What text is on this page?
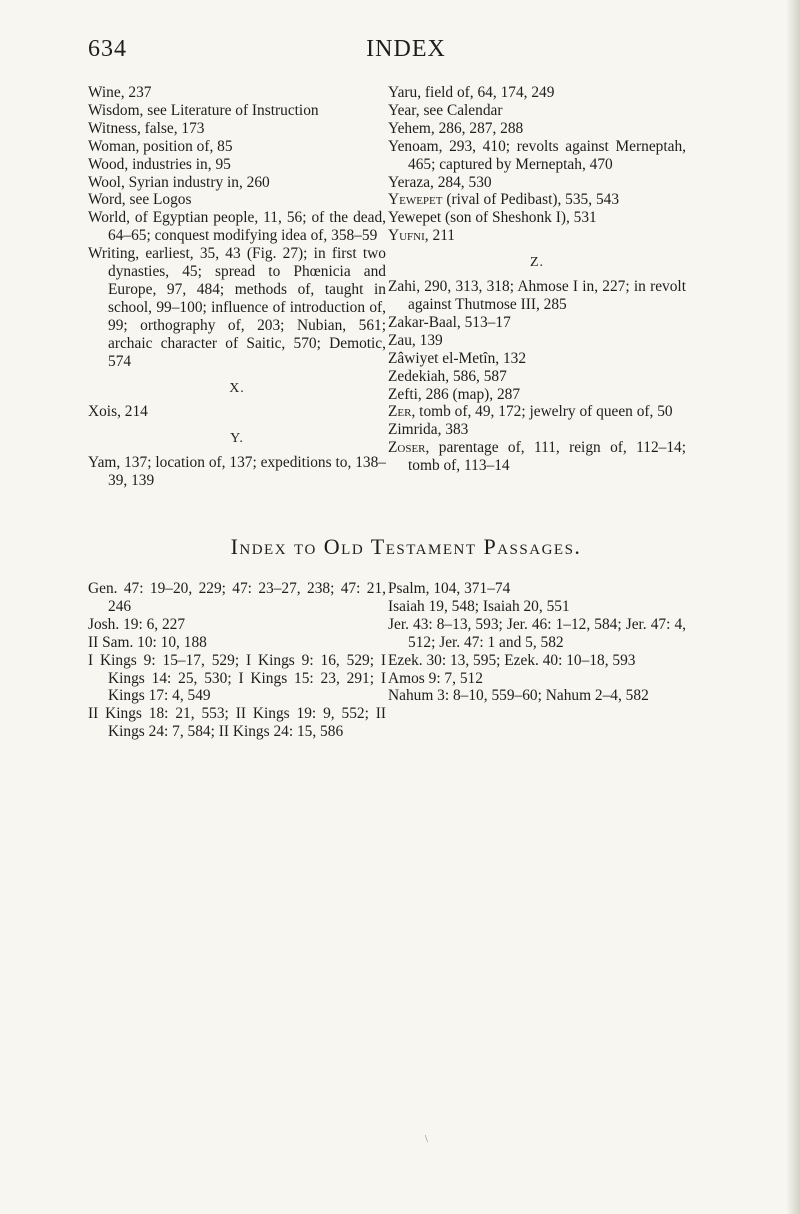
634	INDEX
Wine, 237
Wisdom, see Literature of Instruction
Witness, false, 173
Woman, position of, 85
Wood, industries in, 95
Wool, Syrian industry in, 260
Word, see Logos
World, of Egyptian people, 11, 56; of the dead, 64–65; conquest modifying idea of, 358–59
Writing, earliest, 35, 43 (Fig. 27); in first two dynasties, 45; spread to Phœnicia and Europe, 97, 484; methods of, taught in school, 99–100; influence of introduction of, 99; orthography of, 203; Nubian, 561; archaic character of Saitic, 570; Demotic, 574
X.
Xois, 214
Y.
Yam, 137; location of, 137; expeditions to, 138–39, 139
Yaru, field of, 64, 174, 249
Year, see Calendar
Yehem, 286, 287, 288
Yenoam, 293, 410; revolts against Merneptah, 465; captured by Merneptah, 470
Yeraza, 284, 530
Yewepet (rival of Pedibast), 535, 543
Yewepet (son of Sheshonk I), 531
Yufni, 211
Z.
Zahi, 290, 313, 318; Ahmose I in, 227; in revolt against Thutmose III, 285
Zakar-Baal, 513–17
Zau, 139
Zâwiyet el-Metîn, 132
Zedekiah, 586, 587
Zefti, 286 (map), 287
Zer, tomb of, 49, 172; jewelry of queen of, 50
Zimrida, 383
Zoser, parentage of, 111, reign of, 112–14; tomb of, 113–14
Index to Old Testament Passages.
Gen. 47: 19–20, 229; 47: 23–27, 238; 47: 21, 246
Josh. 19: 6, 227
II Sam. 10: 10, 188
I Kings 9: 15–17, 529; I Kings 9: 16, 529; I Kings 14: 25, 530; I Kings 15: 23, 291; I Kings 17: 4, 549
II Kings 18: 21, 553; II Kings 19: 9, 552; II Kings 24: 7, 584; II Kings 24: 15, 586
Psalm, 104, 371–74
Isaiah 19, 548; Isaiah 20, 551
Jer. 43: 8–13, 593; Jer. 46: 1–12, 584; Jer. 47: 4, 512; Jer. 47: 1 and 5, 582
Ezek. 30: 13, 595; Ezek. 40: 10–18, 593
Amos 9: 7, 512
Nahum 3: 8–10, 559–60; Nahum 2–4, 582
\
